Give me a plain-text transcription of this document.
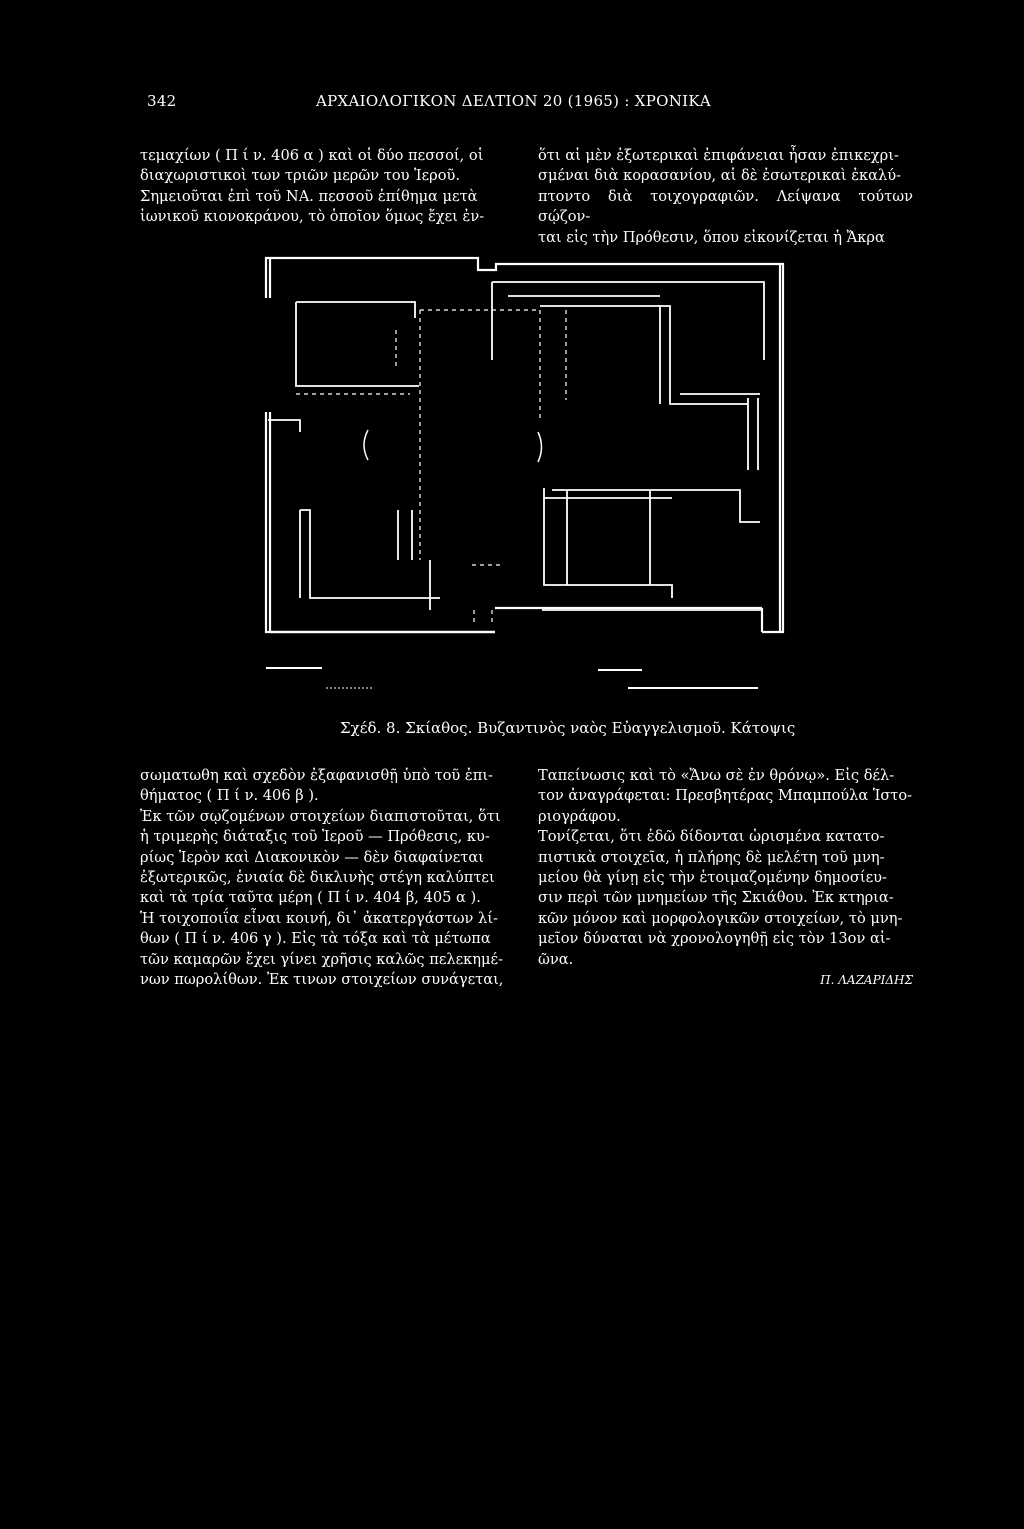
342	ΑΡΧΑΙΟΛΟΓΙΚΟΝ ΔΕΛΤΙΟΝ 20 (1965) : ΧΡΟΝΙΚΑ

τεμαχίων ( Π ί ν. 406 α ) καὶ οἱ δύο πεσσοί, οἱ

διαχωριστικοὶ των τριῶν μερῶν του Ἱεροῦ.

Σημειοῦται ἐπὶ τοῦ ΝΑ. πεσσοῦ ἐπίθημα μετὰ

ἰωνικοῦ κιονοκράνου, τὸ ὁποῖον ὅμως ἔχει ἐν-

ὅτι αἱ μὲν ἐξωτερικαὶ ἐπιφάνειαι ἦσαν ἐπικεχρι-

σμέναι διὰ κορασανίου, αἱ δὲ ἐσωτερικαὶ ἐκαλύ-

πτοντο διὰ τοιχογραφιῶν. Λείψανα τούτων σῴζον-

ται εἰς τὴν Πρόθεσιν, ὅπου εἰκονίζεται ἡ Ἄκρα

Σχέδ. 8. Σκίαθος. Βυζαντινὸς ναὸς Εὐαγγελισμοῦ. Κάτοψις

σωματωθη καὶ σχεδὸν ἐξαφανισθῇ ὑπὸ τοῦ ἐπι-

θήματος ( Π ί ν. 406 β ).

Ἐκ τῶν σῳζομένων στοιχείων διαπιστοῦται, ὅτι

ἡ τριμερὴς διάταξις τοῦ Ἱεροῦ — Πρόθεσις, κυ-

ρίως Ἱερὸν καὶ Διακονικὸν — δὲν διαφαίνεται

ἐξωτερικῶς, ἑνιαία δὲ δικλινὴς στέγη καλύπτει

καὶ τὰ τρία ταῦτα μέρη ( Π ί ν. 404 β, 405 α ).

Ἡ τοιχοποιΐα εἶναι κοινή, δι᾽ ἀκατεργάστων λί-

θων ( Π ί ν. 406 γ ). Εἰς τὰ τόξα καὶ τὰ μέτωπα

τῶν καμαρῶν ἔχει γίνει χρῆσις καλῶς πελεκημέ-

νων πωρολίθων. Ἐκ τινων στοιχείων συνάγεται,

Ταπείνωσις καὶ τὸ «Ἄνω σὲ ἐν θρόνῳ». Εἰς δέλ-

τον ἀναγράφεται: Πρεσβητέρας Μπαμπούλα Ἱστο-

ριογράφου.

Τονίζεται, ὅτι ἐδῶ δίδονται ὡρισμένα κατατο-

πιστικὰ στοιχεῖα, ἡ πλήρης δὲ μελέτη τοῦ μνη-

μείου θὰ γίνῃ εἰς τὴν ἑτοιμαζομένην δημοσίευ-

σιν περὶ τῶν μνημείων τῆς Σκιάθου. Ἐκ κτηρια-

κῶν μόνον καὶ μορφολογικῶν στοιχείων, τὸ μνη-

μεῖον δύναται νὰ χρονολογηθῇ εἰς τὸν 13ον αἰ-

ῶνα.

Π. ΛΑΖΑΡΙΔΗΣ
